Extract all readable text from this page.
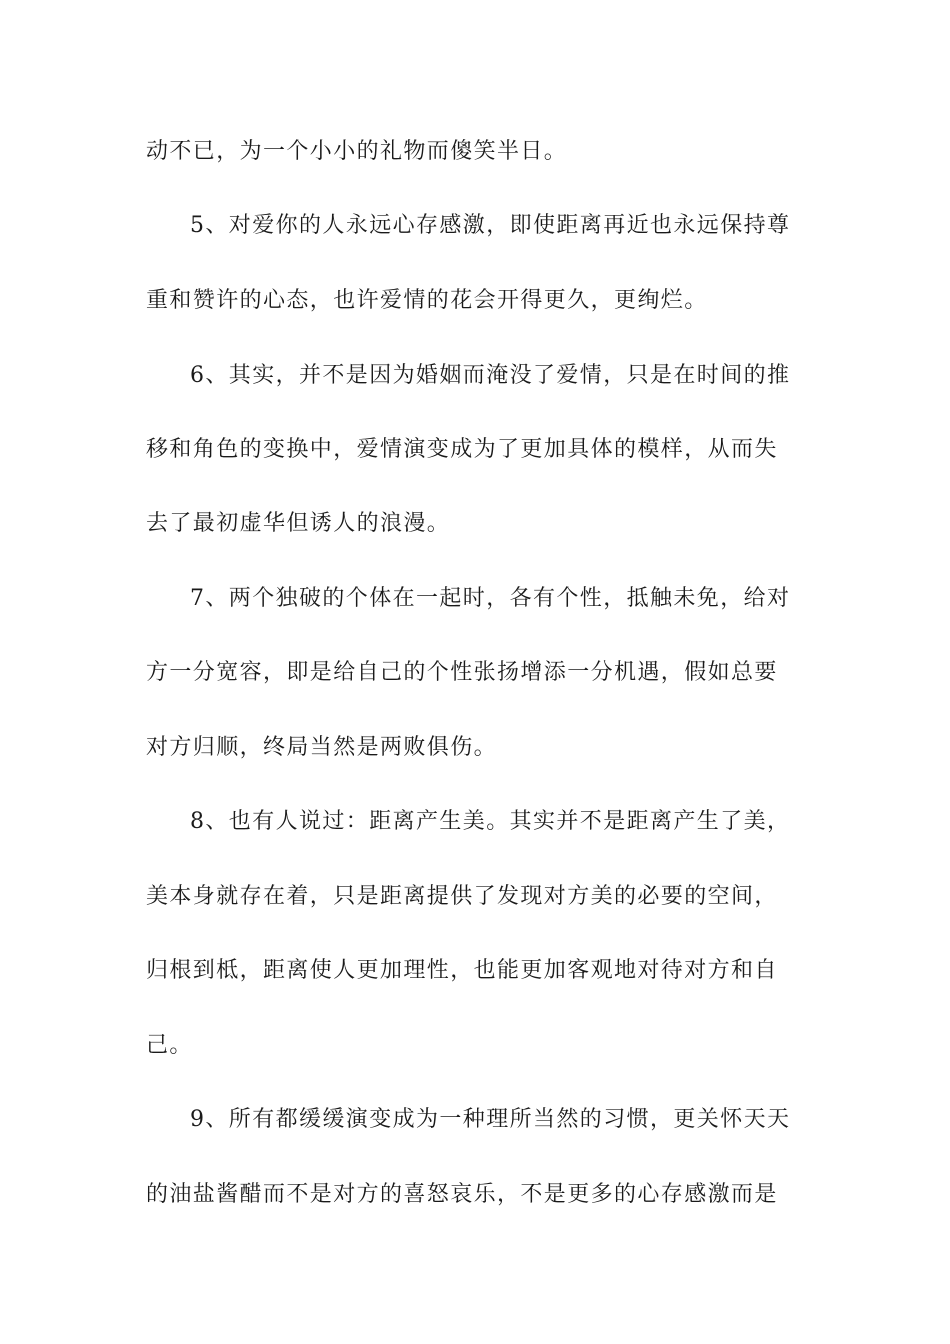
动不已，为一个小小的礼物而傻笑半日。
5、对爱你的人永远心存感激，即使距离再近也永远保持尊
重和赞许的心态，也许爱情的花会开得更久，更绚烂。
6、其实，并不是因为婚姻而淹没了爱情，只是在时间的推
移和角色的变换中，爱情演变成为了更加具体的模样，从而失
去了最初虚华但诱人的浪漫。
7、两个独破的个体在一起时，各有个性，抵触未免，给对
方一分宽容，即是给自己的个性张扬增添一分机遇，假如总要
对方归顺，终局当然是两败俱伤。
8、也有人说过：距离产生美。其实并不是距离产生了美，
美本身就存在着，只是距离提供了发现对方美的必要的空间，
归根到柢，距离使人更加理性，也能更加客观地对待对方和自
己。
9、所有都缓缓演变成为一种理所当然的习惯，更关怀天天
的油盐酱醋而不是对方的喜怒哀乐，不是更多的心存感激而是
